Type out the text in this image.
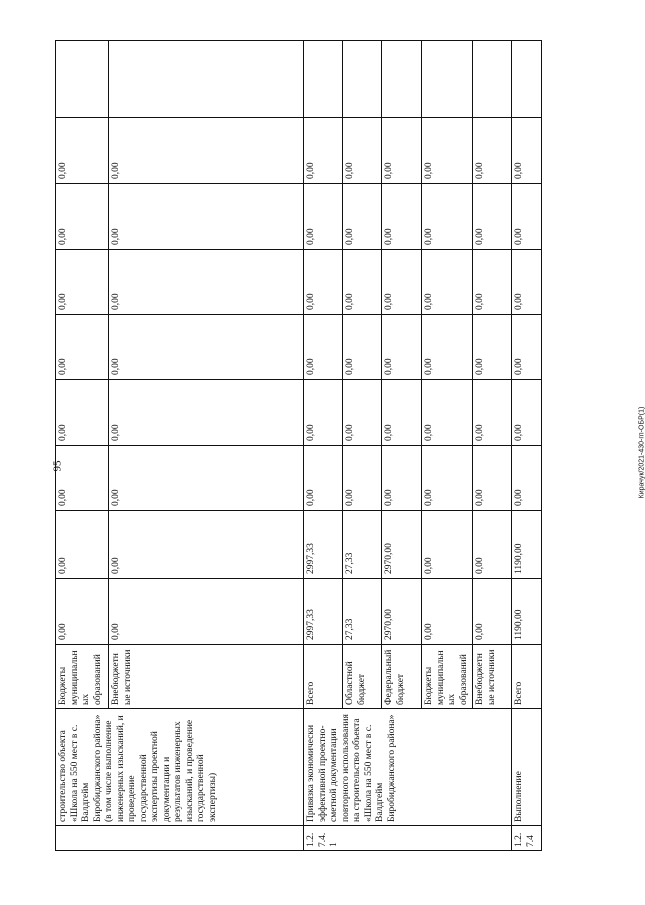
95	Кирачук/2021-430-гп-ОБР(1)
	строительство объекта «Школа на 550 мест в с. Валдгейм Биробиджанского района» (в том числе выполнение инженерных изысканий, и проведение государственной экспертизы проектной документации и результатов инженерных изысканий, и проведение государственной экспертизы)	Бюджеты муниципальных образований	0,00	0,00	0,00	0,00	0,00	0,00	0,00	0,00	
		Внебюджетные источники	0,00	0,00	0,00	0,00	0,00	0,00	0,00	0,00	
1.2.7.4.1	Привязка экономически эффективной проектно-сметной документации повторного использования на строительство объекта «Школа на 550 мест в с. Валдгейм Биробиджанского района»	Всего	2997,33	2997,33	0,00	0,00	0,00	0,00	0,00	0,00	
		Областной бюджет	27,33	27,33	0,00	0,00	0,00	0,00	0,00	0,00	
		Федеральный бюджет	2970,00	2970,00	0,00	0,00	0,00	0,00	0,00	0,00	
		Бюджеты муниципальных образований	0,00	0,00	0,00	0,00	0,00	0,00	0,00	0,00	
		Внебюджетные источники	0,00	0,00	0,00	0,00	0,00	0,00	0,00	0,00	
1.2.7.4	Выполнение	Всего	1190,00	1190,00	0,00	0,00	0,00	0,00	0,00	0,00	
